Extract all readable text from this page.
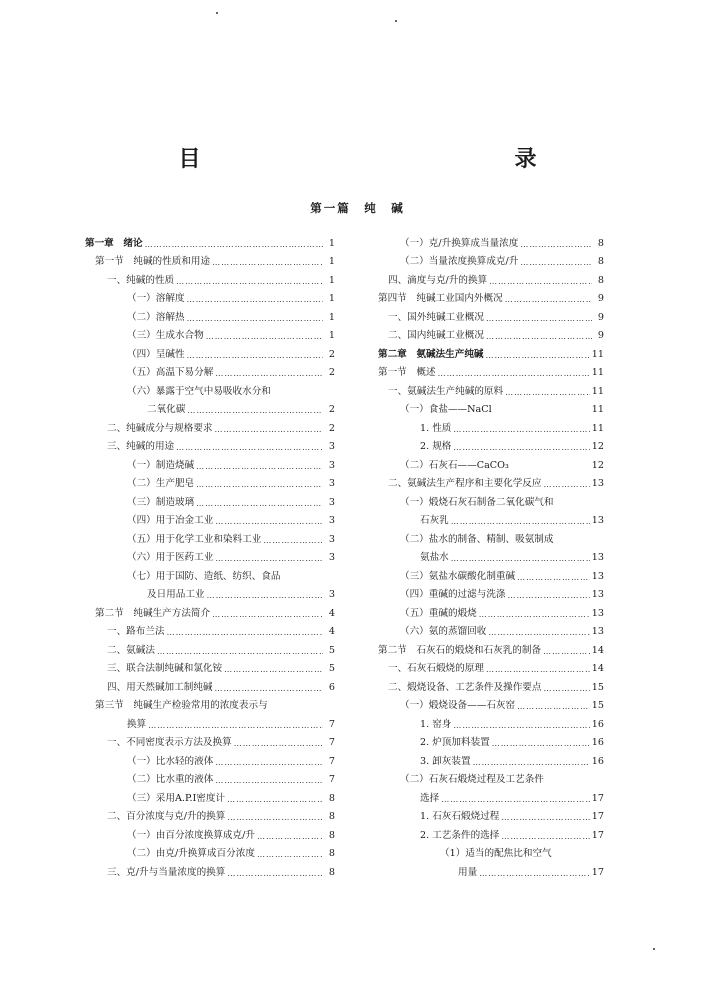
目　　　录
第一篇　纯　碱
第一章　绪论 ……………………………………………………………………………………………………………………	1
第一节　纯碱的性质和用途 ……………………………………………………………………………………………………………………	1
一、纯碱的性质 ……………………………………………………………………………………………………………………	1
（一）溶解度 ……………………………………………………………………………………………………………………	1
（二）溶解热 ……………………………………………………………………………………………………………………	1
（三）生成水合物 ……………………………………………………………………………………………………………………	1
（四）呈碱性 ……………………………………………………………………………………………………………………	2
（五）高温下易分解 ……………………………………………………………………………………………………………………	2
（六）暴露于空气中易吸收水分和
二氧化碳 ……………………………………………………………………………………………………………………	2
二、纯碱成分与规格要求 ……………………………………………………………………………………………………………………	2
三、纯碱的用途 ……………………………………………………………………………………………………………………	3
（一）制造烧碱 ……………………………………………………………………………………………………………………	3
（二）生产肥皂 ……………………………………………………………………………………………………………………	3
（三）制造玻璃 ……………………………………………………………………………………………………………………	3
（四）用于冶金工业 ……………………………………………………………………………………………………………………	3
（五）用于化学工业和染料工业 ……………………………………………………………………………………………………………………	3
（六）用于医药工业 ……………………………………………………………………………………………………………………	3
（七）用于国防、造纸、纺织、食品
及日用品工业 ……………………………………………………………………………………………………………………	3
第二节　纯碱生产方法简介 ……………………………………………………………………………………………………………………	4
一、路布兰法 ……………………………………………………………………………………………………………………	4
二、氨碱法 ……………………………………………………………………………………………………………………	5
三、联合法制纯碱和氯化铵 ……………………………………………………………………………………………………………………	5
四、用天然碱加工制纯碱 ……………………………………………………………………………………………………………………	6
第三节　纯碱生产检验常用的浓度表示与
换算 ……………………………………………………………………………………………………………………	7
一、不同密度表示方法及换算 ……………………………………………………………………………………………………………………	7
（一）比水轻的液体 ……………………………………………………………………………………………………………………	7
（二）比水重的液体 ……………………………………………………………………………………………………………………	7
（三）采用A.P.I密度计 ……………………………………………………………………………………………………………………	8
二、百分浓度与克/升的换算 ……………………………………………………………………………………………………………………	8
（一）由百分浓度换算成克/升 ……………………………………………………………………………………………………………………	8
（二）由克/升换算成百分浓度 ……………………………………………………………………………………………………………………	8
三、克/升与当量浓度的换算 ……………………………………………………………………………………………………………………	8
（一）克/升换算成当量浓度 ……………………………………………………………………………………………………………………	8
（二）当量浓度换算成克/升 ……………………………………………………………………………………………………………………	8
四、滴度与克/升的换算 ……………………………………………………………………………………………………………………	8
第四节　纯碱工业国内外概况 ……………………………………………………………………………………………………………………	9
一、国外纯碱工业概况 ……………………………………………………………………………………………………………………	9
二、国内纯碱工业概况 ……………………………………………………………………………………………………………………	9
第二章　氨碱法生产纯碱 ……………………………………………………………………………………………………………………	11
第一节　概述 ……………………………………………………………………………………………………………………	11
一、氨碱法生产纯碱的原料 ……………………………………………………………………………………………………………………	11
（一）食盐——NaCl	11
1. 性质 ……………………………………………………………………………………………………………………	11
2. 规格 ……………………………………………………………………………………………………………………	12
（二）石灰石——CaCO₃	12
二、氨碱法生产程序和主要化学反应 ……………………………………………………………………………………………………………………	13
（一）煅烧石灰石制备二氧化碳气和
石灰乳 ……………………………………………………………………………………………………………………	13
（二）盐水的制备、精制、吸氨制成
氨盐水 ……………………………………………………………………………………………………………………	13
（三）氨盐水碳酸化制重碱 ……………………………………………………………………………………………………………………	13
（四）重碱的过滤与洗涤 ……………………………………………………………………………………………………………………	13
（五）重碱的煅烧 ……………………………………………………………………………………………………………………	13
（六）氨的蒸馏回收 ……………………………………………………………………………………………………………………	13
第二节　石灰石的煅烧和石灰乳的制备 ……………………………………………………………………………………………………………………	14
一、石灰石煅烧的原理 ……………………………………………………………………………………………………………………	14
二、煅烧设备、工艺条件及操作要点 ……………………………………………………………………………………………………………………	15
（一）煅烧设备——石灰窑 ……………………………………………………………………………………………………………………	15
1. 窑身 ……………………………………………………………………………………………………………………	16
2. 炉顶加料装置 ……………………………………………………………………………………………………………………	16
3. 卸灰装置 ……………………………………………………………………………………………………………………	16
（二）石灰石煅烧过程及工艺条件
选择 ……………………………………………………………………………………………………………………	17
1. 石灰石煅烧过程 ……………………………………………………………………………………………………………………	17
2. 工艺条件的选择 ……………………………………………………………………………………………………………………	17
（1）适当的配焦比和空气
用量 ……………………………………………………………………………………………………………………	17
